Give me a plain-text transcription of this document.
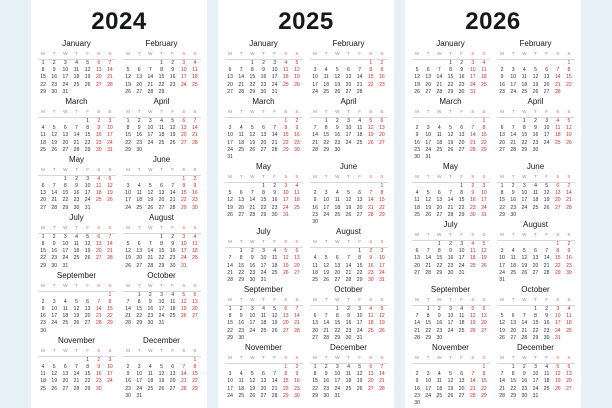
2024
January
M	T	W	T	F	S	S
1	2	3	4	5	6	7
8	9	10	11	12	13	14
15	16	17	18	19	20	21
22	23	24	25	26	27	28
29	30	31				
February
M	T	W	T	F	S	S
			1	2	3	4
5	6	7	8	9	10	11
12	13	14	15	16	17	18
19	20	21	22	23	24	25
26	27	28	29			
March
M	T	W	T	F	S	S
				1	2	3
4	5	6	7	8	9	10
11	12	13	14	15	16	17
18	19	20	21	22	23	24
25	26	27	28	29	30	31
April
M	T	W	T	F	S	S
1	2	3	4	5	6	7
8	9	10	11	12	13	14
15	16	17	18	19	20	21
22	23	24	25	26	27	28
29	30					
May
M	T	W	T	F	S	S
		1	2	3	4	5
6	7	8	9	10	11	12
13	14	15	16	17	18	19
20	21	22	23	24	25	26
27	28	29	30	31		
June
M	T	W	T	F	S	S
					1	2
3	4	5	6	7	8	9
10	11	12	13	14	15	16
17	18	19	20	21	22	23
24	25	26	27	28	29	30
July
M	T	W	T	F	S	S
1	2	3	4	5	6	7
8	9	10	11	12	13	14
15	16	17	18	19	20	21
22	23	24	25	26	27	28
29	30	31				
August
M	T	W	T	F	S	S
			1	2	3	4
5	6	7	8	9	10	11
12	13	14	15	16	17	18
19	20	21	22	23	24	25
26	27	28	29	30	31	
September
M	T	W	T	F	S	S
						1
2	3	4	5	6	7	8
9	10	11	12	13	14	15
16	17	18	19	20	21	22
23	24	25	26	27	28	29
30						
October
M	T	W	T	F	S	S
	1	2	3	4	5	6
7	8	9	10	11	12	13
14	15	16	17	18	19	20
21	22	23	24	25	26	27
28	29	30	31			
November
M	T	W	T	F	S	S
				1	2	3
4	5	6	7	8	9	10
11	12	13	14	15	16	17
18	19	20	21	22	23	24
25	26	27	28	29	30	
December
M	T	W	T	F	S	S
						1
2	3	4	5	6	7	8
9	10	11	12	13	14	15
16	17	18	19	20	21	22
23	24	25	26	27	28	29
30	31					
2025
January
M	T	W	T	F	S	S
		1	2	3	4	5
6	7	8	9	10	11	12
13	14	15	16	17	18	19
20	21	22	23	24	25	26
27	28	29	30	31		
February
M	T	W	T	F	S	S
					1	2
3	4	5	6	7	8	9
10	11	12	13	14	15	16
17	18	19	20	21	22	23
24	25	26	27	28		
March
M	T	W	T	F	S	S
					1	2
3	4	5	6	7	8	9
10	11	12	13	14	15	16
17	18	19	20	21	22	23
24	25	26	27	28	29	30
31						
April
M	T	W	T	F	S	S
	1	2	3	4	5	6
7	8	9	10	11	12	13
14	15	16	17	18	19	20
21	22	23	24	25	26	27
28	29	30				
May
M	T	W	T	F	S	S
			1	2	3	4
5	6	7	8	9	10	11
12	13	14	15	16	17	18
19	20	21	22	23	24	25
26	27	28	29	30	31	
June
M	T	W	T	F	S	S
						1
2	3	4	5	6	7	8
9	10	11	12	13	14	15
16	17	18	19	20	21	22
23	24	25	26	27	28	29
30						
July
M	T	W	T	F	S	S
	1	2	3	4	5	6
7	8	9	10	11	12	13
14	15	16	17	18	19	20
21	22	23	24	25	26	27
28	29	30	31			
August
M	T	W	T	F	S	S
				1	2	3
4	5	6	7	8	9	10
11	12	13	14	15	16	17
18	19	20	21	22	23	24
25	26	27	28	29	30	31
September
M	T	W	T	F	S	S
1	2	3	4	5	6	7
8	9	10	11	12	13	14
15	16	17	18	19	20	21
22	23	24	25	26	27	28
29	30					
October
M	T	W	T	F	S	S
		1	2	3	4	5
6	7	8	9	10	11	12
13	14	15	16	17	18	19
20	21	22	23	24	25	26
27	28	29	30	31		
November
M	T	W	T	F	S	S
					1	2
3	4	5	6	7	8	9
10	11	12	13	14	15	16
17	18	19	20	21	22	23
24	25	26	27	28	29	30
December
M	T	W	T	F	S	S
1	2	3	4	5	6	7
8	9	10	11	12	13	14
15	16	17	18	19	20	21
22	23	24	25	26	27	28
29	30	31				
2026
January
M	T	W	T	F	S	S
			1	2	3	4
5	6	7	8	9	10	11
12	13	14	15	16	17	18
19	20	21	22	23	24	25
26	27	28	29	30	31	
February
M	T	W	T	F	S	S
						1
2	3	4	5	6	7	8
9	10	11	12	13	14	15
16	17	18	19	20	21	22
23	24	25	26	27	28	
March
M	T	W	T	F	S	S
						1
2	3	4	5	6	7	8
9	10	11	12	13	14	15
16	17	18	19	20	21	22
23	24	25	26	27	28	29
30	31					
April
M	T	W	T	F	S	S
		1	2	3	4	5
6	7	8	9	10	11	12
13	14	15	16	17	18	19
20	21	22	23	24	25	26
27	28	29	30			
May
M	T	W	T	F	S	S
				1	2	3
4	5	6	7	8	9	10
11	12	13	14	15	16	17
18	19	20	21	22	23	24
25	26	27	28	29	30	31
June
M	T	W	T	F	S	S
1	2	3	4	5	6	7
8	9	10	11	12	13	14
15	16	17	18	19	20	21
22	23	24	25	26	27	28
29	30					
July
M	T	W	T	F	S	S
		1	2	3	4	5
6	7	8	9	10	11	12
13	14	15	16	17	18	19
20	21	22	23	24	25	26
27	28	29	30	31		
August
M	T	W	T	F	S	S
					1	2
3	4	5	6	7	8	9
10	11	12	13	14	15	16
17	18	19	20	21	22	23
24	25	26	27	28	29	30
31						
September
M	T	W	T	F	S	S
	1	2	3	4	5	6
7	8	9	10	11	12	13
14	15	16	17	18	19	20
21	22	23	24	25	26	27
28	29	30				
October
M	T	W	T	F	S	S
			1	2	3	4
5	6	7	8	9	10	11
12	13	14	15	16	17	18
19	20	21	22	23	24	25
26	27	28	29	30	31	
November
M	T	W	T	F	S	S
						1
2	3	4	5	6	7	8
9	10	11	12	13	14	15
16	17	18	19	20	21	22
23	24	25	26	27	28	29
30						
December
M	T	W	T	F	S	S
	1	2	3	4	5	6
7	8	9	10	11	12	13
14	15	16	17	18	19	20
21	22	23	24	25	26	27
28	29	30	31			
